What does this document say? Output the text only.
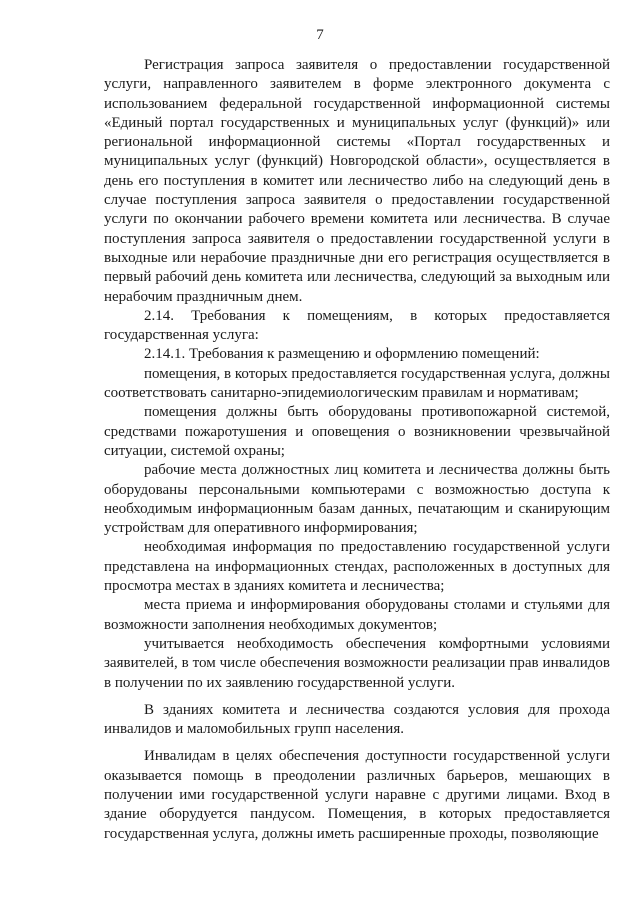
7

Регистрация запроса заявителя о предоставлении государственной услуги, направленного заявителем в форме электронного документа с использованием федеральной государственной информационной системы «Единый портал государственных и муниципальных услуг (функций)» или региональной информационной системы «Портал государственных и муниципальных услуг (функций) Новгородской области», осуществляется в день его поступления в комитет или лесничество либо на следующий день в случае поступления запроса заявителя о предоставлении государственной услуги по окончании рабочего времени комитета или лесничества. В случае поступления запроса заявителя о предоставлении государственной услуги в выходные или нерабочие праздничные дни его регистрация осуществляется в первый рабочий день комитета или лесничества, следующий за выходным или нерабочим праздничным днем.

2.14. Требования к помещениям, в которых предоставляется государственная услуга:

2.14.1. Требования к размещению и оформлению помещений:

помещения, в которых предоставляется государственная услуга, должны соответствовать санитарно-эпидемиологическим правилам и нормативам;

помещения должны быть оборудованы противопожарной системой, средствами пожаротушения и оповещения о возникновении чрезвычайной ситуации, системой охраны;

рабочие места должностных лиц комитета и лесничества должны быть оборудованы персональными компьютерами с возможностью доступа к необходимым информационным базам данных, печатающим и сканирующим устройствам для оперативного информирования;

необходимая информация по предоставлению государственной услуги представлена на информационных стендах, расположенных в доступных для просмотра местах в зданиях комитета и лесничества;

места приема и информирования оборудованы столами и стульями для возможности заполнения необходимых документов;

учитывается необходимость обеспечения комфортными условиями заявителей, в том числе обеспечения возможности реализации прав инвалидов в получении по их заявлению государственной услуги.

В зданиях комитета и лесничества создаются условия для прохода инвалидов и маломобильных групп населения.

Инвалидам в целях обеспечения доступности государственной услуги оказывается помощь в преодолении различных барьеров, мешающих в получении ими государственной услуги наравне с другими лицами. Вход в здание оборудуется пандусом. Помещения, в которых предоставляется государственная услуга, должны иметь расширенные проходы, позволяющие
